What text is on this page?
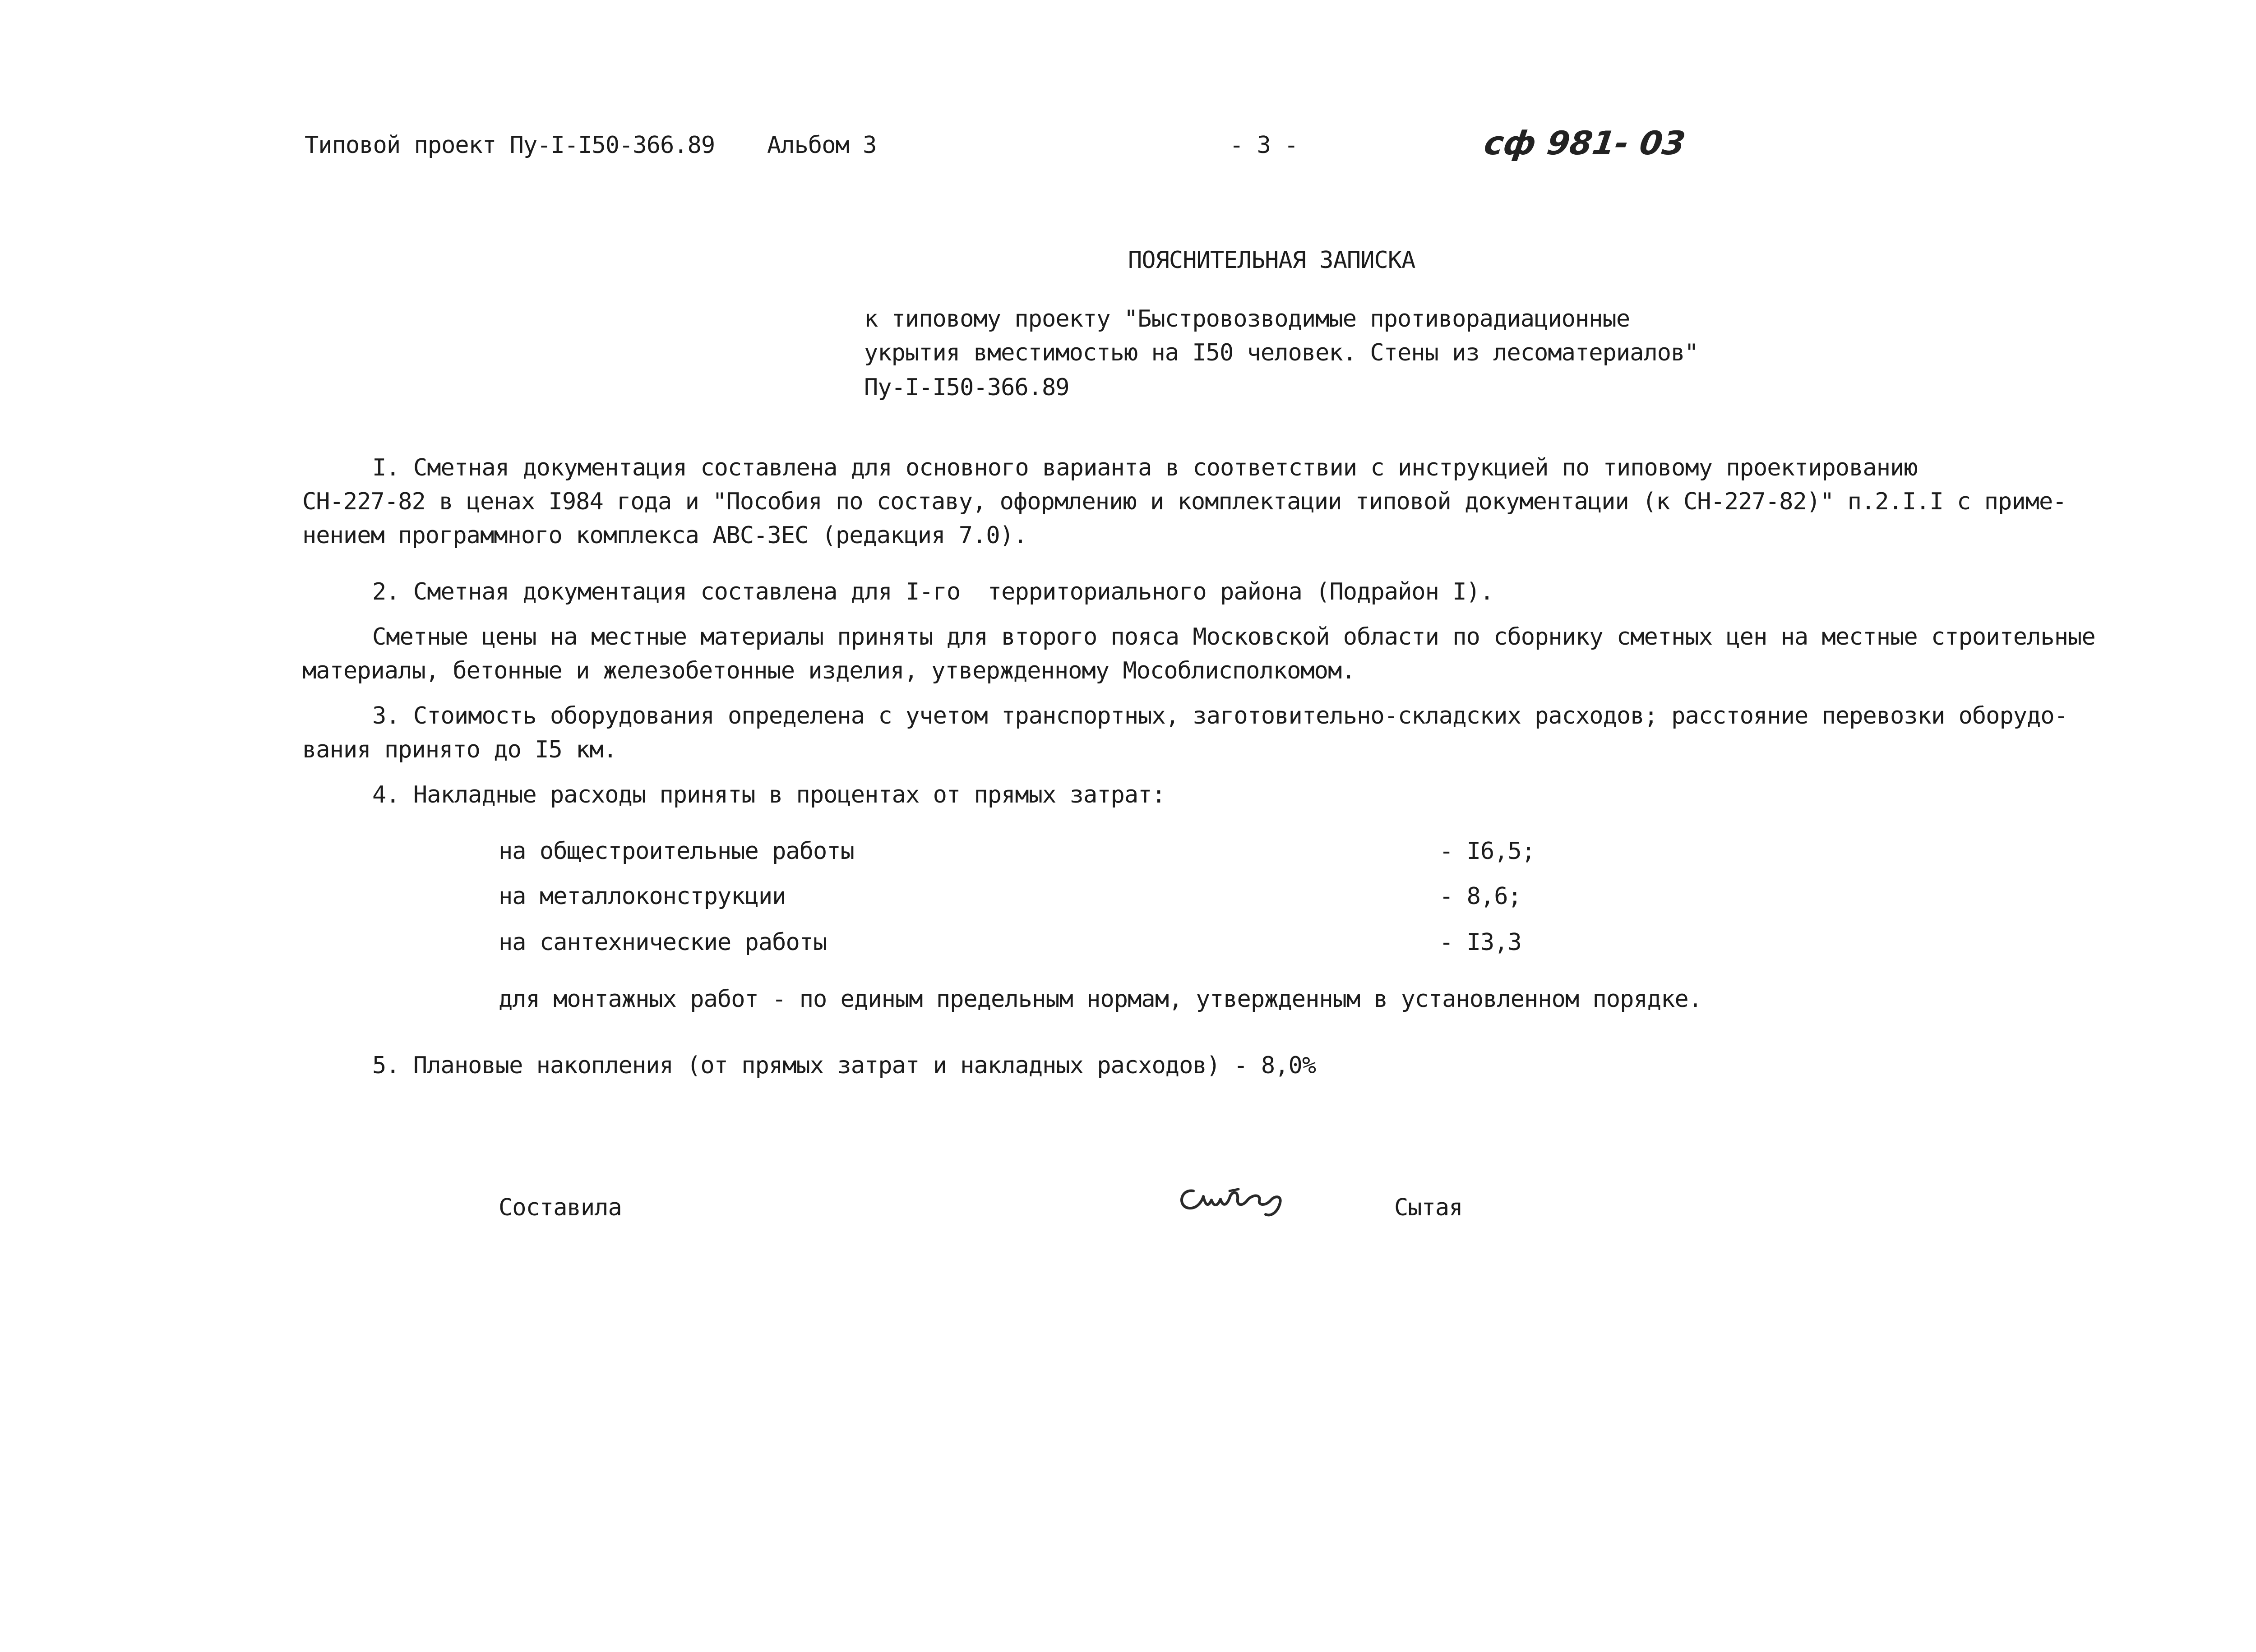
Типовой проект Пу-I-I50-366.89 Альбом 3	- 3 -	сф 981- 03
ПОЯСНИТЕЛЬНАЯ ЗАПИСКА
к типовому проекту "Быстровозводимые противорадиационные
укрытия вместимостью на I50 человек. Стены из лесоматериалов"
Пу-I-I50-366.89
I. Сметная документация составлена для основного варианта в соответствии с инструкцией по типовому проектированию
СН-227-82 в ценах I984 года и "Пособия по составу, оформлению и комплектации типовой документации (к СН-227-82)" п.2.I.I с приме-
нением программного комплекса АВС-ЗЕС (редакция 7.0).
2. Сметная документация составлена для I-го  территориального района (Подрайон I).
Сметные цены на местные материалы приняты для второго пояса Московской области по сборнику сметных цен на местные строительные
материалы, бетонные и железобетонные изделия, утвержденному Мособлисполкомом.
3. Стоимость оборудования определена с учетом транспортных, заготовительно-складских расходов; расстояние перевозки оборудо-
вания принято до I5 км.
4. Накладные расходы приняты в процентах от прямых затрат:
на общестроительные работы	- I6,5;
на металлоконструкции	- 8,6;
на сантехнические работы	- I3,3
для монтажных работ - по единым предельным нормам, утвержденным в установленном порядке.
5. Плановые накопления (от прямых затрат и накладных расходов) - 8,0%
Составила	Сытая
